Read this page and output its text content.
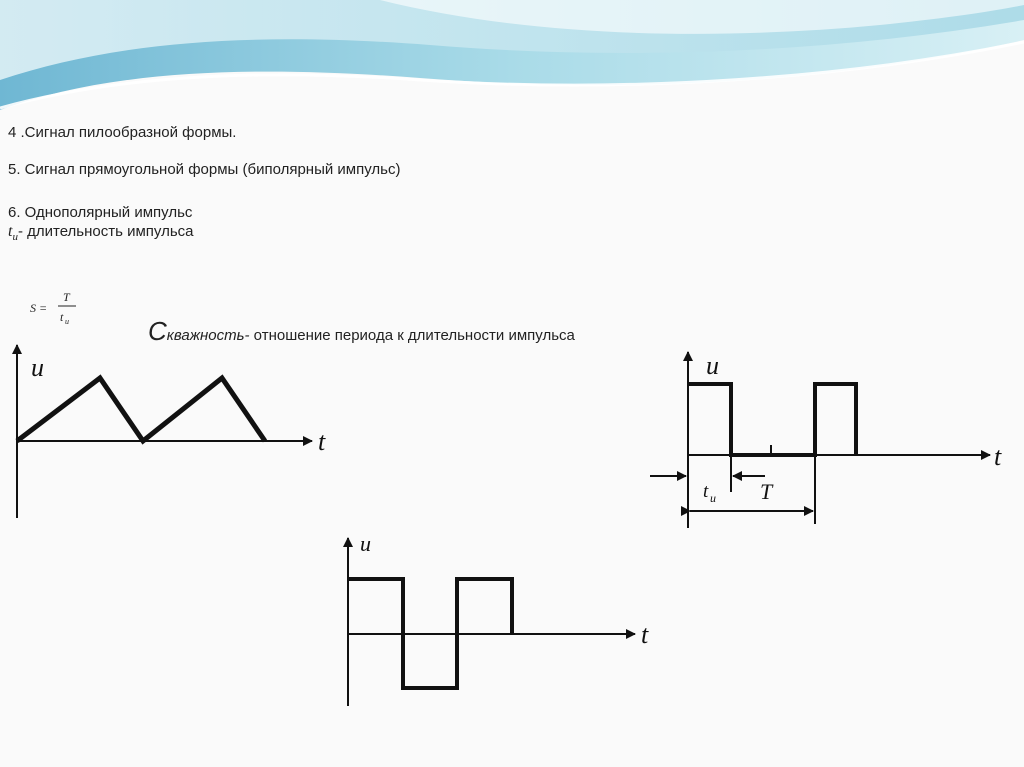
4 .Сигнал пилообразной формы.
5. Сигнал прямоугольной формы (биполярный импульс)
6. Однополярный импульс
$t_u-$ длительность импульса
S =
T
t u	Скважность- отношение периода к длительности импульса
u
t
u
t
u
t
t u T
